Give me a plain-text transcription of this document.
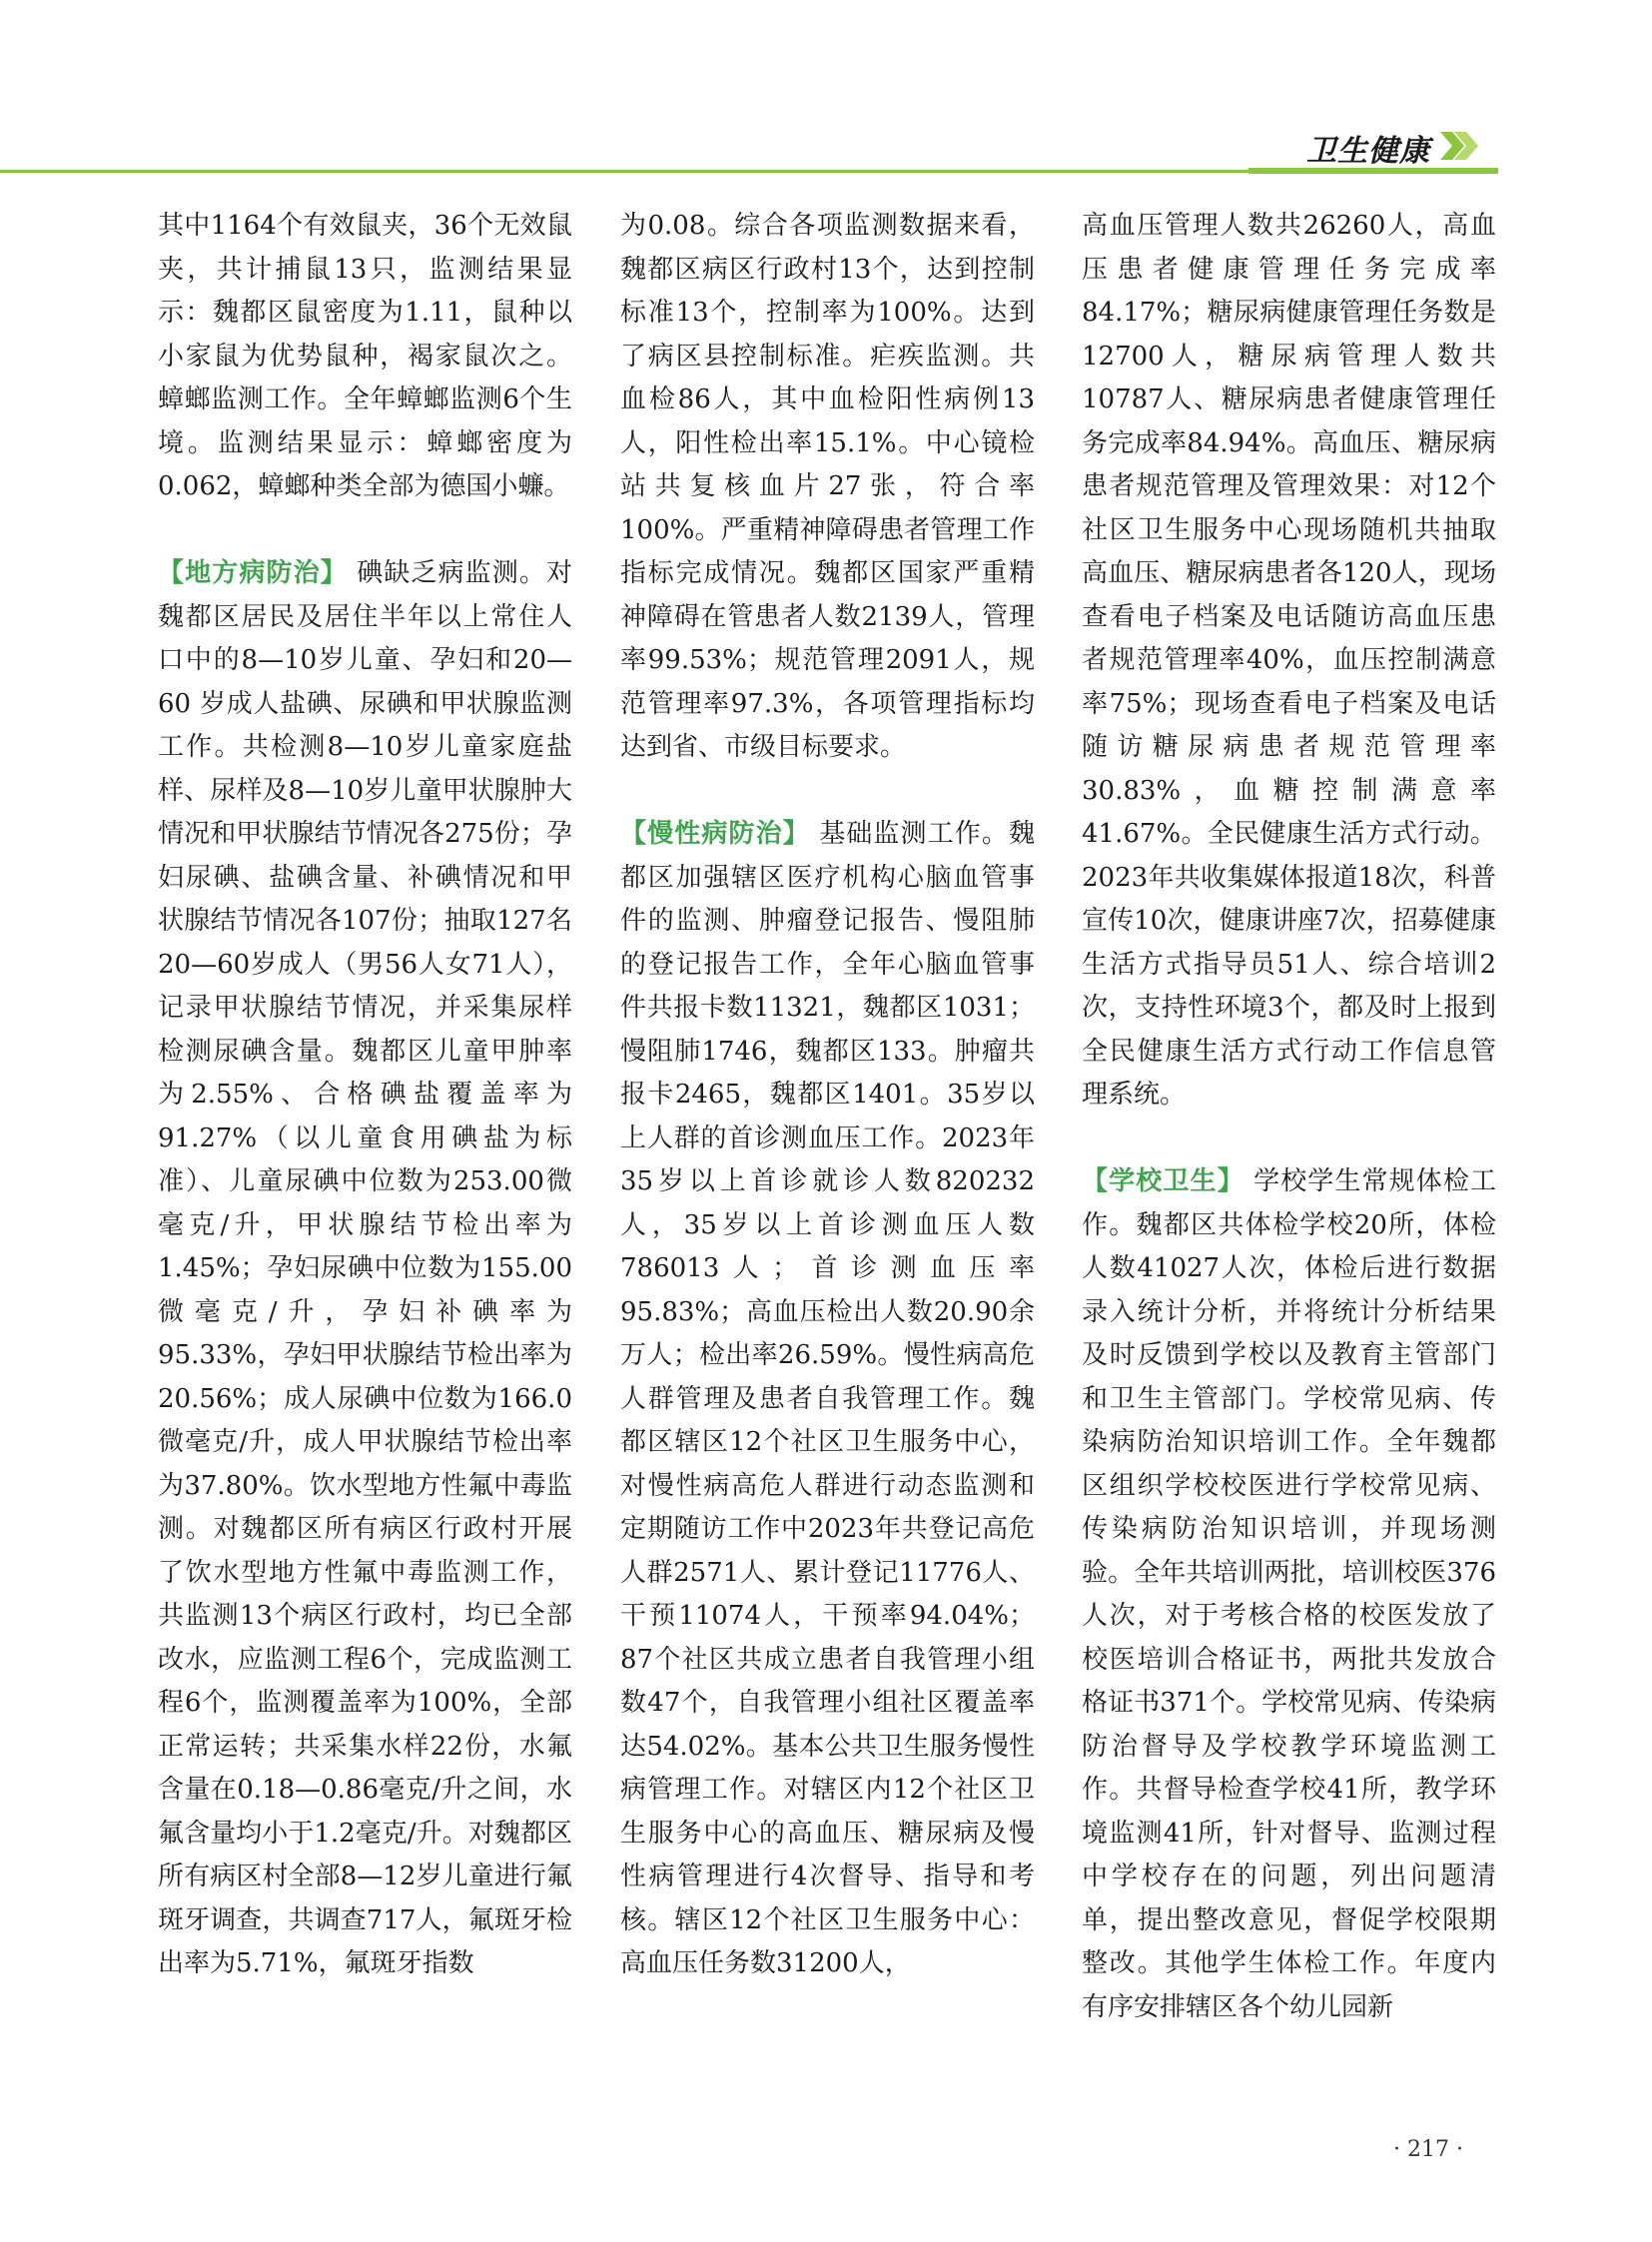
卫生健康

其中1164个有效鼠夹，36个无效鼠夹，共计捕鼠13只，监测结果显示：魏都区鼠密度为1.11，鼠种以小家鼠为优势鼠种，褐家鼠次之。蟑螂监测工作。全年蟑螂监测6个生境。监测结果显示：蟑螂密度为0.062，蟑螂种类全部为德国小蠊。

【地方病防治】 碘缺乏病监测。对魏都区居民及居住半年以上常住人口中的8—10岁儿童、孕妇和20—60 岁成人盐碘、尿碘和甲状腺监测工作。共检测8—10岁儿童家庭盐样、尿样及8—10岁儿童甲状腺肿大情况和甲状腺结节情况各275份；孕妇尿碘、盐碘含量、补碘情况和甲状腺结节情况各107份；抽取127名20—60岁成人（男56人女71人），记录甲状腺结节情况，并采集尿样检测尿碘含量。魏都区儿童甲肿率为2.55%、合格碘盐覆盖率为91.27%（以儿童食用碘盐为标准）、儿童尿碘中位数为253.00微毫克/升，甲状腺结节检出率为1.45%；孕妇尿碘中位数为155.00微毫克/升，孕妇补碘率为95.33%，孕妇甲状腺结节检出率为20.56%；成人尿碘中位数为166.0微毫克/升，成人甲状腺结节检出率为37.80%。饮水型地方性氟中毒监测。对魏都区所有病区行政村开展了饮水型地方性氟中毒监测工作，共监测13个病区行政村，均已全部改水，应监测工程6个，完成监测工程6个，监测覆盖率为100%，全部正常运转；共采集水样22份，水氟含量在0.18—0.86毫克/升之间，水氟含量均小于1.2毫克/升。对魏都区所有病区村全部8—12岁儿童进行氟斑牙调查，共调查717人，氟斑牙检出率为5.71%，氟斑牙指数

为0.08。综合各项监测数据来看，魏都区病区行政村13个，达到控制标准13个，控制率为100%。达到了病区县控制标准。疟疾监测。共血检86人，其中血检阳性病例13人，阳性检出率15.1%。中心镜检站共复核血片27张，符合率100%。严重精神障碍患者管理工作指标完成情况。魏都区国家严重精神障碍在管患者人数2139人，管理率99.53%；规范管理2091人，规范管理率97.3%，各项管理指标均达到省、市级目标要求。

【慢性病防治】 基础监测工作。魏都区加强辖区医疗机构心脑血管事件的监测、肿瘤登记报告、慢阻肺的登记报告工作，全年心脑血管事件共报卡数11321，魏都区1031；慢阻肺1746，魏都区133。肿瘤共报卡2465，魏都区1401。35岁以上人群的首诊测血压工作。2023年35岁以上首诊就诊人数820232人，35岁以上首诊测血压人数786013人；首诊测血压率95.83%；高血压检出人数20.90余万人；检出率26.59%。慢性病高危人群管理及患者自我管理工作。魏都区辖区12个社区卫生服务中心，对慢性病高危人群进行动态监测和定期随访工作中2023年共登记高危人群2571人、累计登记11776人、干预11074人，干预率94.04%；87个社区共成立患者自我管理小组数47个，自我管理小组社区覆盖率达54.02%。基本公共卫生服务慢性病管理工作。对辖区内12个社区卫生服务中心的高血压、糖尿病及慢性病管理进行4次督导、指导和考核。辖区12个社区卫生服务中心：高血压任务数31200人，

高血压管理人数共26260人，高血压患者健康管理任务完成率84.17%；糖尿病健康管理任务数是12700人，糖尿病管理人数共10787人、糖尿病患者健康管理任务完成率84.94%。高血压、糖尿病患者规范管理及管理效果：对12个社区卫生服务中心现场随机共抽取高血压、糖尿病患者各120人，现场查看电子档案及电话随访高血压患者规范管理率40%，血压控制满意率75%；现场查看电子档案及电话随访糖尿病患者规范管理率30.83%，血糖控制满意率41.67%。全民健康生活方式行动。2023年共收集媒体报道18次，科普宣传10次，健康讲座7次，招募健康生活方式指导员51人、综合培训2次，支持性环境3个，都及时上报到全民健康生活方式行动工作信息管理系统。

【学校卫生】 学校学生常规体检工作。魏都区共体检学校20所，体检人数41027人次，体检后进行数据录入统计分析，并将统计分析结果及时反馈到学校以及教育主管部门和卫生主管部门。学校常见病、传染病防治知识培训工作。全年魏都区组织学校校医进行学校常见病、传染病防治知识培训，并现场测验。全年共培训两批，培训校医376人次，对于考核合格的校医发放了校医培训合格证书，两批共发放合格证书371个。学校常见病、传染病防治督导及学校教学环境监测工作。共督导检查学校41所，教学环境监测41所，针对督导、监测过程中学校存在的问题，列出问题清单，提出整改意见，督促学校限期整改。其他学生体检工作。年度内有序安排辖区各个幼儿园新

· 217 ·
